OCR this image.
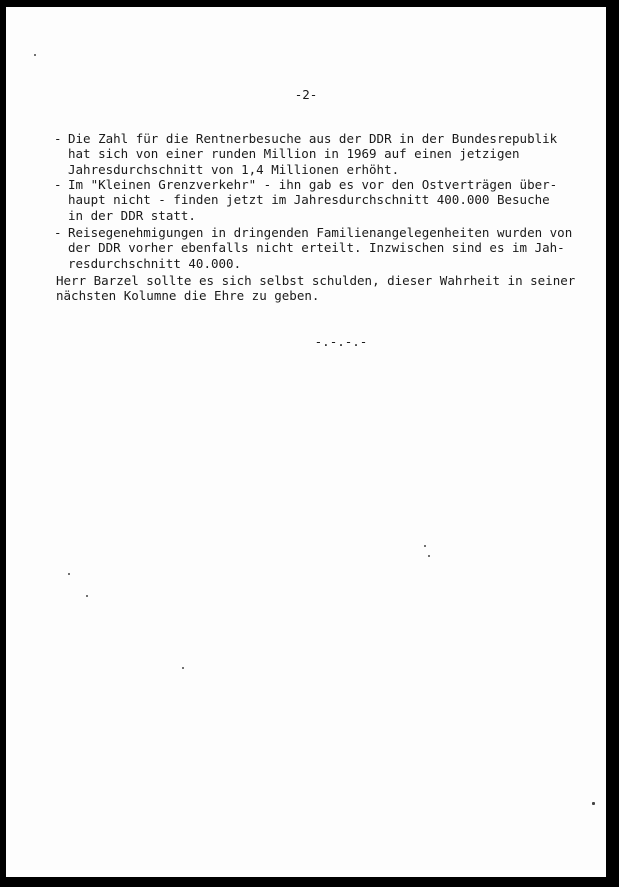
-2-
- Die Zahl für die Rentnerbesuche aus der DDR in der Bundesrepublik
hat sich von einer runden Million in 1969 auf einen jetzigen
Jahresdurchschnitt von 1,4 Millionen erhöht.
- Im "Kleinen Grenzverkehr" - ihn gab es vor den Ostverträgen über-
haupt nicht - finden jetzt im Jahresdurchschnitt 400.000 Besuche
in der DDR statt.
- Reisegenehmigungen in dringenden Familienangelegenheiten wurden von
der DDR vorher ebenfalls nicht erteilt. Inzwischen sind es im Jah-
resdurchschnitt 40.000.
Herr Barzel sollte es sich selbst schulden, dieser Wahrheit in seiner
nächsten Kolumne die Ehre zu geben.
-.-.-.-
